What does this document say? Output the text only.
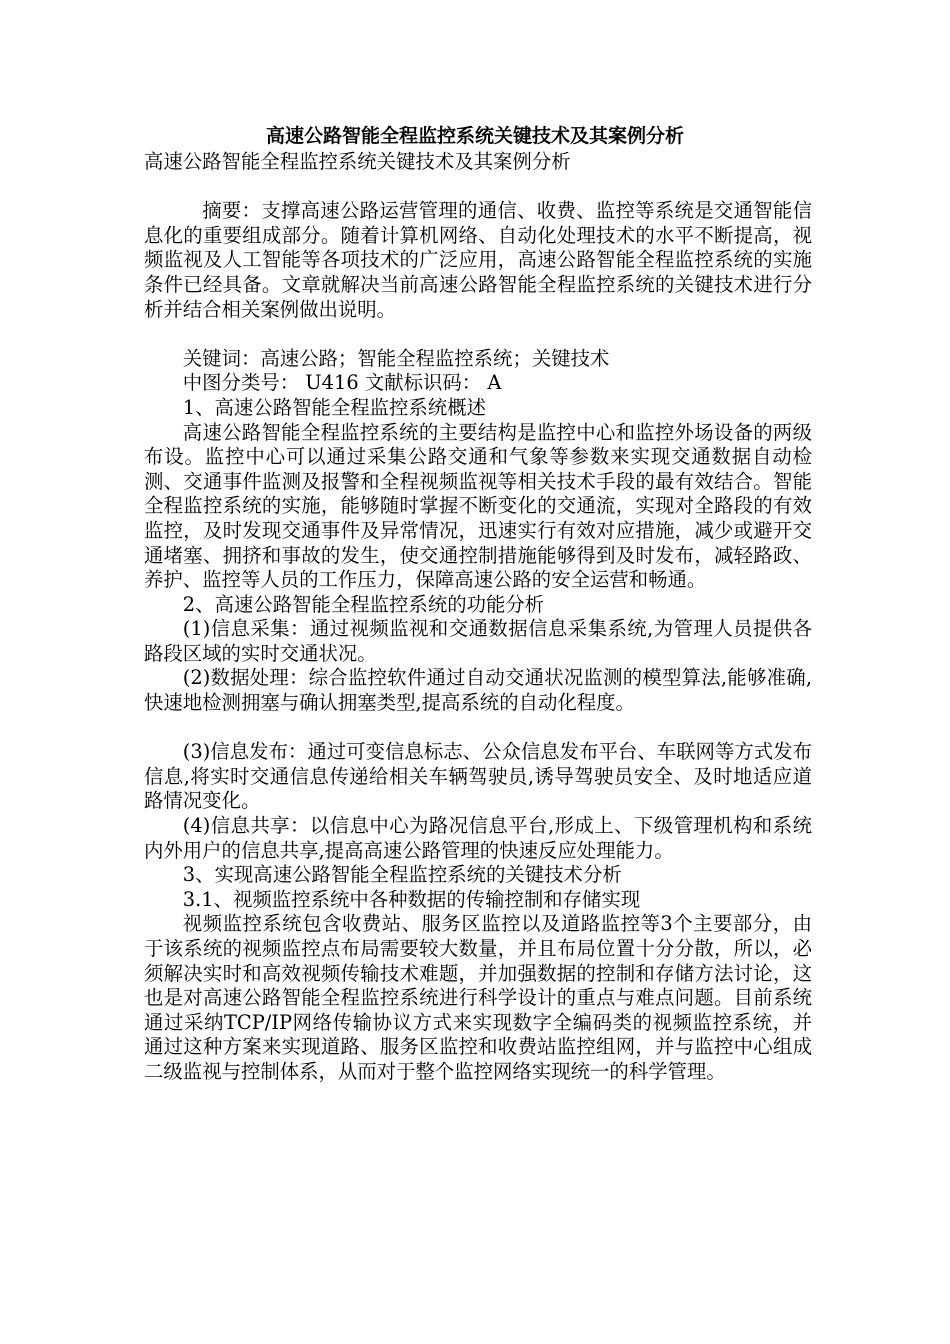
高速公路智能全程监控系统关键技术及其案例分析

高速公路智能全程监控系统关键技术及其案例分析

摘要：支撑高速公路运营管理的通信、收费、监控等系统是交通智能信息化的重要组成部分。随着计算机网络、自动化处理技术的水平不断提高，视频监视及人工智能等各项技术的广泛应用，高速公路智能全程监控系统的实施条件已经具备。文章就解决当前高速公路智能全程监控系统的关键技术进行分析并结合相关案例做出说明。

关键词：高速公路；智能全程监控系统；关键技术

中图分类号： U416 文献标识码： A

1、高速公路智能全程监控系统概述

高速公路智能全程监控系统的主要结构是监控中心和监控外场设备的两级布设。监控中心可以通过采集公路交通和气象等参数来实现交通数据自动检测、交通事件监测及报警和全程视频监视等相关技术手段的最有效结合。智能全程监控系统的实施，能够随时掌握不断变化的交通流，实现对全路段的有效监控，及时发现交通事件及异常情况，迅速实行有效对应措施，减少或避开交通堵塞、拥挤和事故的发生，使交通控制措施能够得到及时发布，减轻路政、养护、监控等人员的工作压力，保障高速公路的安全运营和畅通。

2、高速公路智能全程监控系统的功能分析

(1)信息采集：通过视频监视和交通数据信息采集系统,为管理人员提供各路段区域的实时交通状况。

(2)数据处理：综合监控软件通过自动交通状况监测的模型算法,能够准确,快速地检测拥塞与确认拥塞类型,提高系统的自动化程度。

(3)信息发布：通过可变信息标志、公众信息发布平台、车联网等方式发布信息,将实时交通信息传递给相关车辆驾驶员,诱导驾驶员安全、及时地适应道路情况变化。

(4)信息共享：以信息中心为路况信息平台,形成上、下级管理机构和系统内外用户的信息共享,提高高速公路管理的快速反应处理能力。

3、实现高速公路智能全程监控系统的关键技术分析

3.1、视频监控系统中各种数据的传输控制和存储实现

视频监控系统包含收费站、服务区监控以及道路监控等3个主要部分，由于该系统的视频监控点布局需要较大数量，并且布局位置十分分散，所以，必须解决实时和高效视频传输技术难题，并加强数据的控制和存储方法讨论，这也是对高速公路智能全程监控系统进行科学设计的重点与难点问题。目前系统通过采纳TCP/IP网络传输协议方式来实现数字全编码类的视频监控系统，并通过这种方案来实现道路、服务区监控和收费站监控组网，并与监控中心组成二级监视与控制体系，从而对于整个监控网络实现统一的科学管理。
